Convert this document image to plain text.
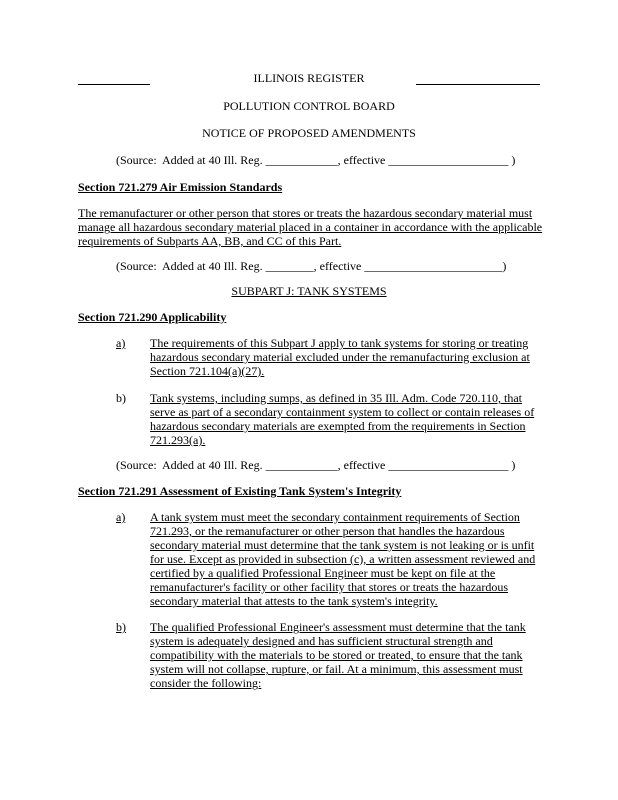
ILLINOIS REGISTER
POLLUTION CONTROL BOARD
NOTICE OF PROPOSED AMENDMENTS
(Source:  Added at 40 Ill. Reg. ____________, effective ____________________ )
Section 721.279 Air Emission Standards
The remanufacturer or other person that stores or treats the hazardous secondary material must
manage all hazardous secondary material placed in a container in accordance with the applicable
requirements of Subparts AA, BB, and CC of this Part.
(Source:  Added at 40 Ill. Reg. ________, effective _______________________)
SUBPART J: TANK SYSTEMS
Section 721.290 Applicability
a) The requirements of this Subpart J apply to tank systems for storing or treating
hazardous secondary material excluded under the remanufacturing exclusion at
Section 721.104(a)(27).
b) Tank systems, including sumps, as defined in 35 Ill. Adm. Code 720.110, that
serve as part of a secondary containment system to collect or contain releases of
hazardous secondary materials are exempted from the requirements in Section
721.293(a).
(Source:  Added at 40 Ill. Reg. ____________, effective ____________________ )
Section 721.291 Assessment of Existing Tank System's Integrity
a) A tank system must meet the secondary containment requirements of Section
721.293, or the remanufacturer or other person that handles the hazardous
secondary material must determine that the tank system is not leaking or is unfit
for use. Except as provided in subsection (c), a written assessment reviewed and
certified by a qualified Professional Engineer must be kept on file at the
remanufacturer's facility or other facility that stores or treats the hazardous
secondary material that attests to the tank system's integrity.
b) The qualified Professional Engineer's assessment must determine that the tank
system is adequately designed and has sufficient structural strength and
compatibility with the materials to be stored or treated, to ensure that the tank
system will not collapse, rupture, or fail. At a minimum, this assessment must
consider the following:
